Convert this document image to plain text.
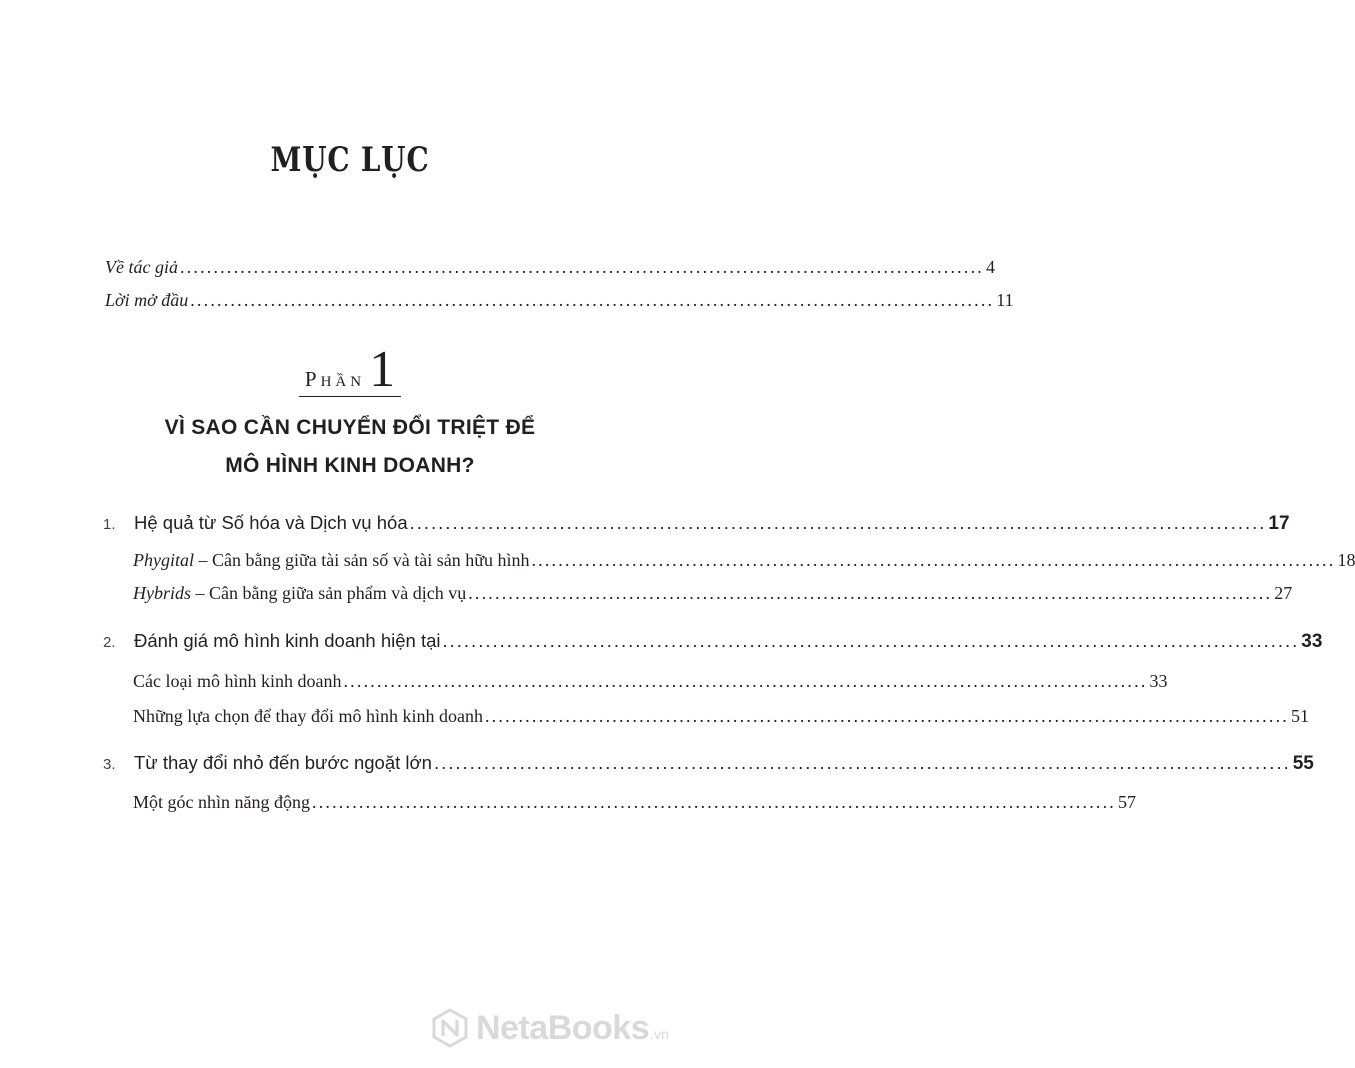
MỤC LỤC
Về tác giả ........................................................................................................................ 4
Lời mở đầu ........................................................................................................................ 11
Phần 1
VÌ SAO CẦN CHUYỂN ĐỔI TRIỆT ĐỂ
MÔ HÌNH KINH DOANH?
1. Hệ quả từ Số hóa và Dịch vụ hóa ........................................................................................................................ 17
Phygital – Cân bằng giữa tài sản số và tài sản hữu hình ........................................................................................................................ 18
Hybrids – Cân bằng giữa sản phẩm và dịch vụ ........................................................................................................................ 27
2. Đánh giá mô hình kinh doanh hiện tại ........................................................................................................................ 33
Các loại mô hình kinh doanh ........................................................................................................................ 33
Những lựa chọn để thay đổi mô hình kinh doanh ........................................................................................................................ 51
3. Từ thay đổi nhỏ đến bước ngoặt lớn ........................................................................................................................ 55
Một góc nhìn năng động ........................................................................................................................ 57
NetaBooks .vn
